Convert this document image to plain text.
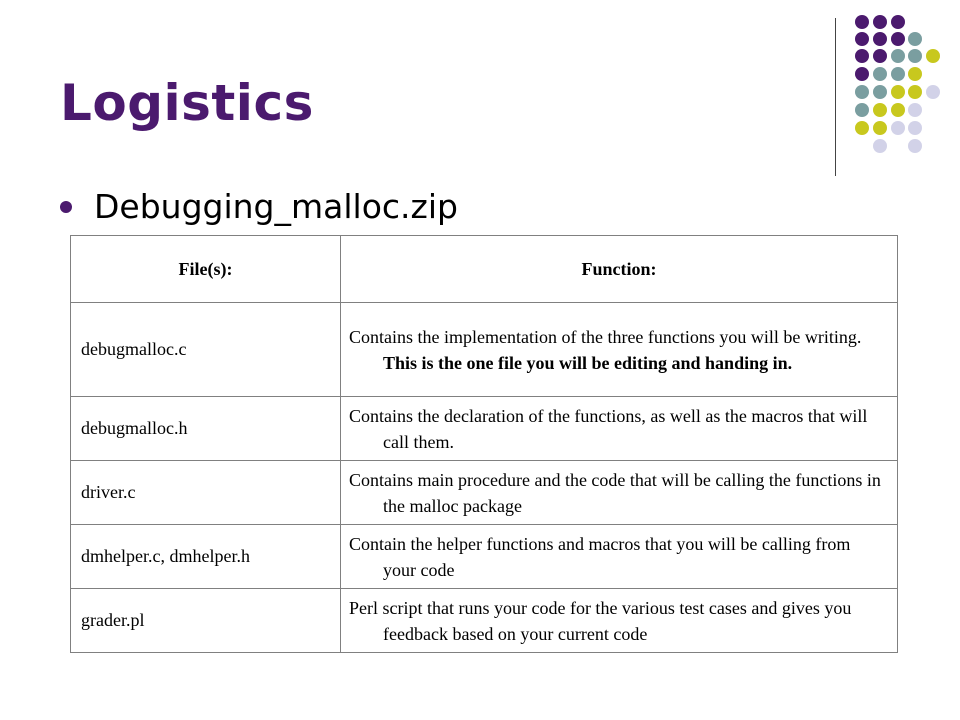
Logistics
Debugging_malloc.zip
File(s):	Function:
debugmalloc.c	Contains the implementation of the three functions you will be writing. This is the one file you will be editing and handing in.

debugmalloc.h	Contains the declaration of the functions, as well as the macros that will call them.

driver.c	Contains main procedure and the code that will be calling the functions in the malloc package

dmhelper.c, dmhelper.h	Contain the helper functions and macros that you will be calling from your code

grader.pl	Perl script that runs your code for the various test cases and gives you feedback based on your current code
